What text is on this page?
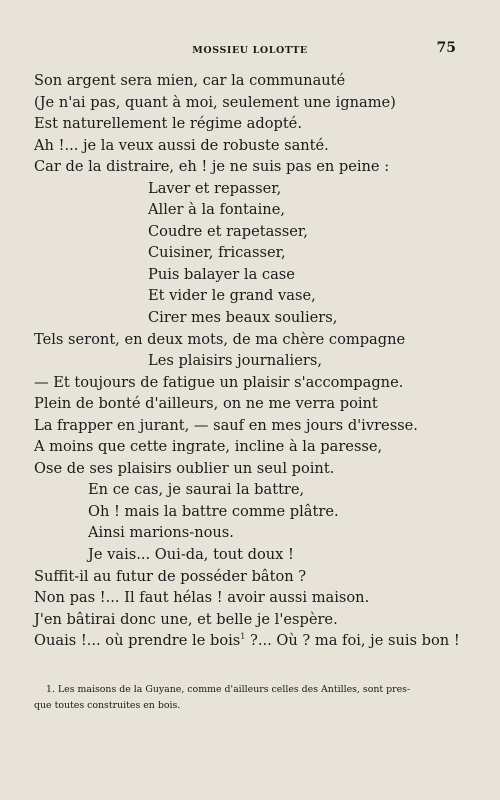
MOSSIEU LOLOTTE	75
Son argent sera mien, car la communauté
(Je n'ai pas, quant à moi, seulement une igname)
Est naturellement le régime adopté.
Ah !... je la veux aussi de robuste santé.
Car de la distraire, eh ! je ne suis pas en peine :
Laver et repasser,
Aller à la fontaine,
Coudre et rapetasser,
Cuisiner, fricasser,
Puis balayer la case
Et vider le grand vase,
Cirer mes beaux souliers,
Tels seront, en deux mots, de ma chère compagne
Les plaisirs journaliers,
— Et toujours de fatigue un plaisir s'accompagne.
Plein de bonté d'ailleurs, on ne me verra point
La frapper en jurant, — sauf en mes jours d'ivresse.
A moins que cette ingrate, incline à la paresse,
Ose de ses plaisirs oublier un seul point.
En ce cas, je saurai la battre,
Oh ! mais la battre comme plâtre.
Ainsi marions-nous.
Je vais... Oui-da, tout doux !
Suffit-il au futur de posséder bâton ?
Non pas !... Il faut hélas ! avoir aussi maison.
J'en bâtirai donc une, et belle je l'espère.
Ouais !... où prendre le bois$^1$ ?... Où ? ma foi, je suis bon !
1. Les maisons de la Guyane, comme d'ailleurs celles des Antilles, sont pres-
que toutes construites en bois.
